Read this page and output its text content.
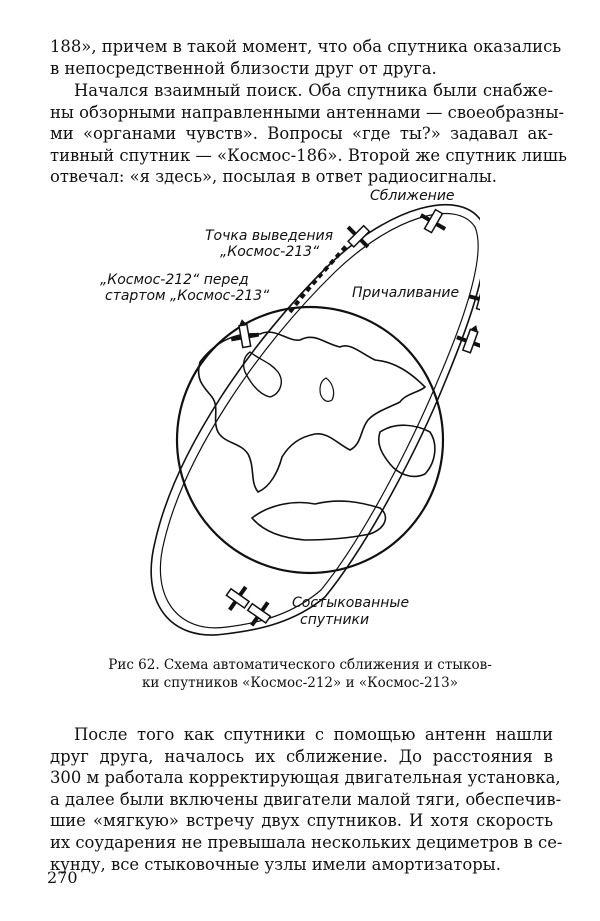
188», причем в такой момент, что оба спутника оказались
в непосредственной близости друг от друга.
Начался взаимный поиск. Оба спутника были снабже-
ны обзорными направленными антеннами — своеобразны-
ми «органами чувств». Вопросы «где ты?» задавал ак-
тивный спутник — «Космос-186». Второй же спутник лишь
отвечал: «я здесь», посылая в ответ радиосигналы.
Сближение
Точка выведения
„Космос-213“
„Космос-212“ перед
стартом „Космос-213“	Причаливание
Состыкованные
спутники
Рис 62. Схема автоматического сближения и стыков-
ки спутников «Космос-212» и «Космос-213»
После того как спутники с помощью антенн нашли
друг друга, началось их сближение. До расстояния в
300 м работала корректирующая двигательная установка,
а далее были включены двигатели малой тяги, обеспечив-
шие «мягкую» встречу двух спутников. И хотя скорость
их соударения не превышала нескольких дециметров в се-
кунду, все стыковочные узлы имели амортизаторы.
270
